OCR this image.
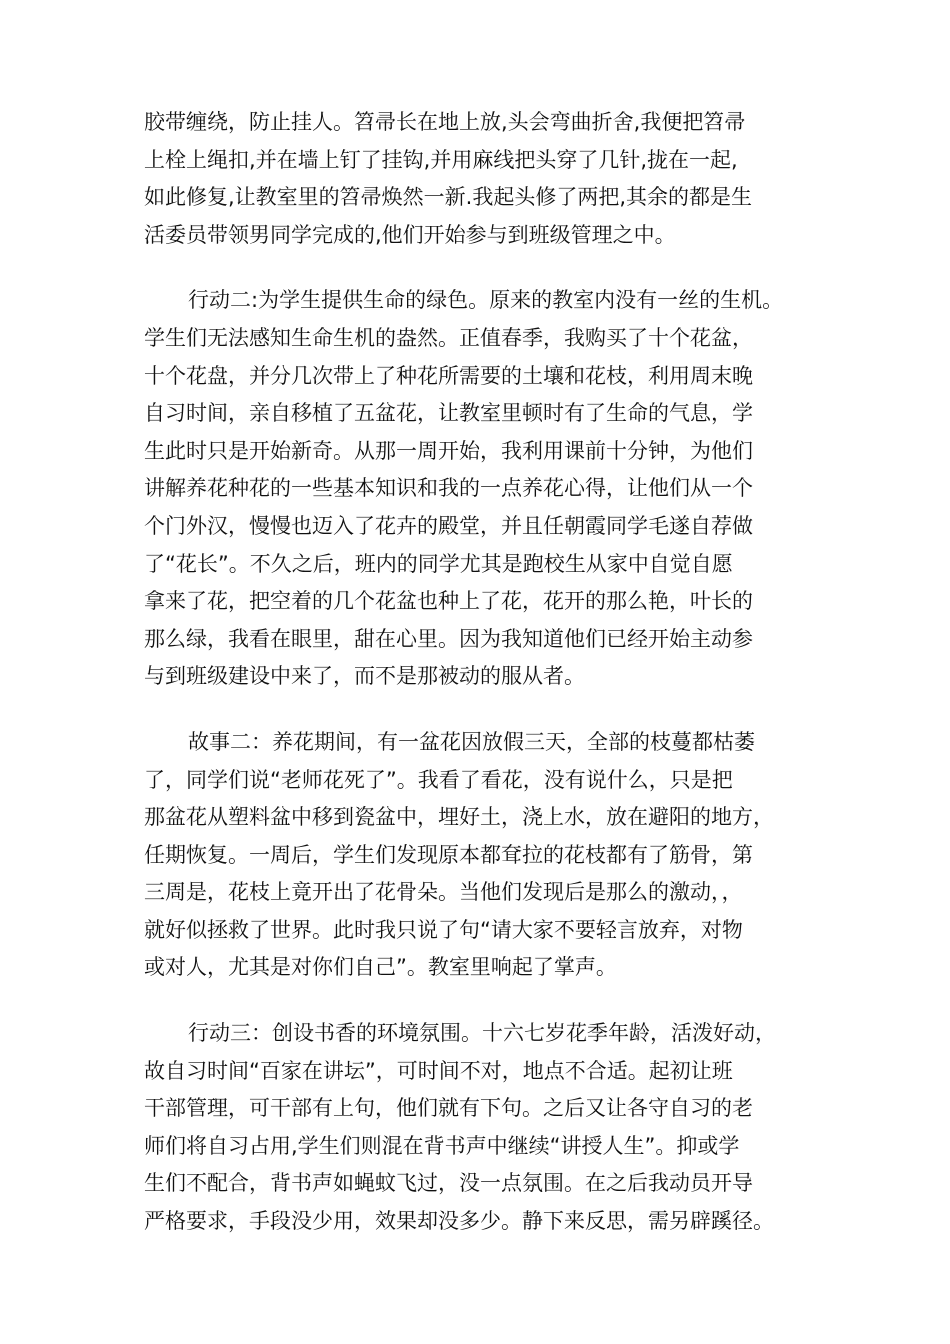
胶带缠绕，防止挂人。笤帚长在地上放,头会弯曲折舍,我便把笤帚
上栓上绳扣,并在墙上钉了挂钩,并用麻线把头穿了几针,拢在一起,
如此修复,让教室里的笤帚焕然一新.我起头修了两把,其余的都是生
活委员带领男同学完成的,他们开始参与到班级管理之中。
行动二:为学生提供生命的绿色。原来的教室内没有一丝的生机。
学生们无法感知生命生机的盎然。正值春季，我购买了十个花盆，
十个花盘，并分几次带上了种花所需要的土壤和花枝，利用周末晚
自习时间，亲自移植了五盆花，让教室里顿时有了生命的气息，学
生此时只是开始新奇。从那一周开始，我利用课前十分钟，为他们
讲解养花种花的一些基本知识和我的一点养花心得，让他们从一个
个门外汉，慢慢也迈入了花卉的殿堂，并且任朝霞同学毛遂自荐做
了“花长”。不久之后，班内的同学尤其是跑校生从家中自觉自愿
拿来了花，把空着的几个花盆也种上了花，花开的那么艳，叶长的
那么绿，我看在眼里，甜在心里。因为我知道他们已经开始主动参
与到班级建设中来了，而不是那被动的服从者。
故事二：养花期间，有一盆花因放假三天，全部的枝蔓都枯萎
了，同学们说“老师花死了”。我看了看花，没有说什么，只是把
那盆花从塑料盆中移到瓷盆中，埋好土，浇上水，放在避阳的地方，
任期恢复。一周后，学生们发现原本都耷拉的花枝都有了筋骨，第
三周是，花枝上竟开出了花骨朵。当他们发现后是那么的激动，，
就好似拯救了世界。此时我只说了句“请大家不要轻言放弃，对物
或对人，尤其是对你们自己”。教室里响起了掌声。
行动三：创设书香的环境氛围。十六七岁花季年龄，活泼好动，
故自习时间“百家在讲坛”，可时间不对，地点不合适。起初让班
干部管理，可干部有上句，他们就有下句。之后又让各守自习的老
师们将自习占用,学生们则混在背书声中继续“讲授人生”。抑或学
生们不配合，背书声如蝇蚊飞过，没一点氛围。在之后我动员开导
严格要求，手段没少用，效果却没多少。静下来反思，需另辟蹊径。
